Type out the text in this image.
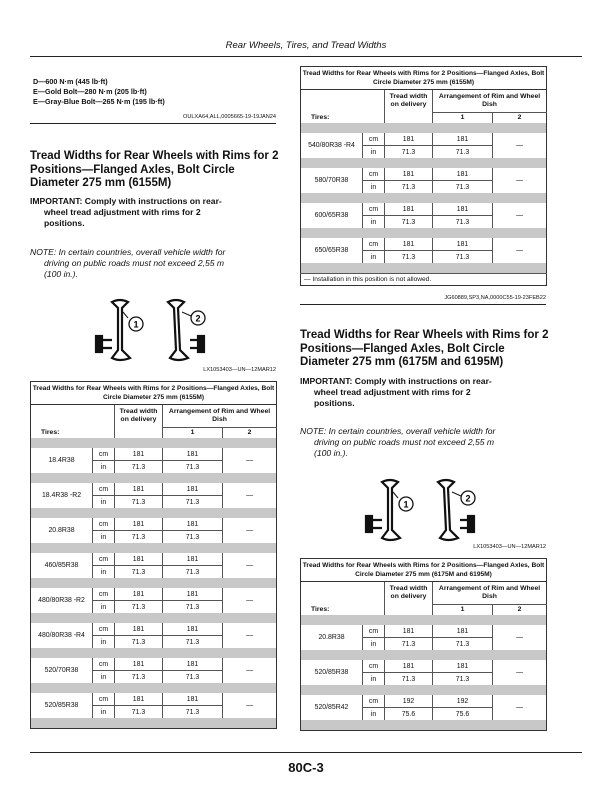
Rear Wheels, Tires, and Tread Widths
D—600 N·m (445 lb·ft)
E—Gold Bolt—280 N·m (205 lb·ft)
E—Gray-Blue Bolt—265 N·m (195 lb·ft)
OULXA64,ALL,0005665-19-19JAN24
Tread Widths for Rear Wheels with Rims for 2 Positions—Flanged Axles, Bolt Circle Diameter 275 mm (6155M)
IMPORTANT: Comply with instructions on rear-
wheel tread adjustment with rims for 2
positions.
NOTE: In certain countries, overall vehicle width for
driving on public roads must not exceed 2,55 m
(100 in.).
1
2
LX1053403—UN—12MAR12
Tread Widths for Rear Wheels with Rims for 2 Positions—Flanged Axles, Bolt Circle Diameter 275 mm (6155M)				
		Tread width on delivery	Arrangement of Rim and Wheel Dish	
Tires:			1	2

18.4R38	cm	181	181	—
	in	71.3	71.3	

18.4R38 -R2	cm	181	181	—
	in	71.3	71.3	

20.8R38	cm	181	181	—
	in	71.3	71.3	

460/85R38	cm	181	181	—
	in	71.3	71.3	

480/80R38 -R2	cm	181	181	—
	in	71.3	71.3	

480/80R38 -R4	cm	181	181	—
	in	71.3	71.3	

520/70R38	cm	181	181	—
	in	71.3	71.3	

520/85R38	cm	181	181	—
	in	71.3	71.3	

Tread Widths for Rear Wheels with Rims for 2 Positions—Flanged Axles, Bolt Circle Diameter 275 mm (6155M)				
		Tread width on delivery	Arrangement of Rim and Wheel Dish	
Tires:			1	2

540/80R38 -R4	cm	181	181	—
	in	71.3	71.3	

580/70R38	cm	181	181	—
	in	71.3	71.3	

600/65R38	cm	181	181	—
	in	71.3	71.3	

650/65R38	cm	181	181	—
	in	71.3	71.3	

— Installation in this position is not allowed.				
JG60889,SP3,NA,0000C55-19-23FEB22
Tread Widths for Rear Wheels with Rims for 2 Positions—Flanged Axles, Bolt Circle Diameter 275 mm (6175M and 6195M)
IMPORTANT: Comply with instructions on rear-
wheel tread adjustment with rims for 2
positions.
NOTE: In certain countries, overall vehicle width for
driving on public roads must not exceed 2,55 m
(100 in.).
1
2
LX1053403—UN—12MAR12
Tread Widths for Rear Wheels with Rims for 2 Positions—Flanged Axles, Bolt Circle Diameter 275 mm (6175M and 6195M)				
		Tread width on delivery	Arrangement of Rim and Wheel Dish	
Tires:			1	2

20.8R38	cm	181	181	—
	in	71.3	71.3	

520/85R38	cm	181	181	—
	in	71.3	71.3	

520/85R42	cm	192	192	—
	in	75.6	75.6	

80C-3
